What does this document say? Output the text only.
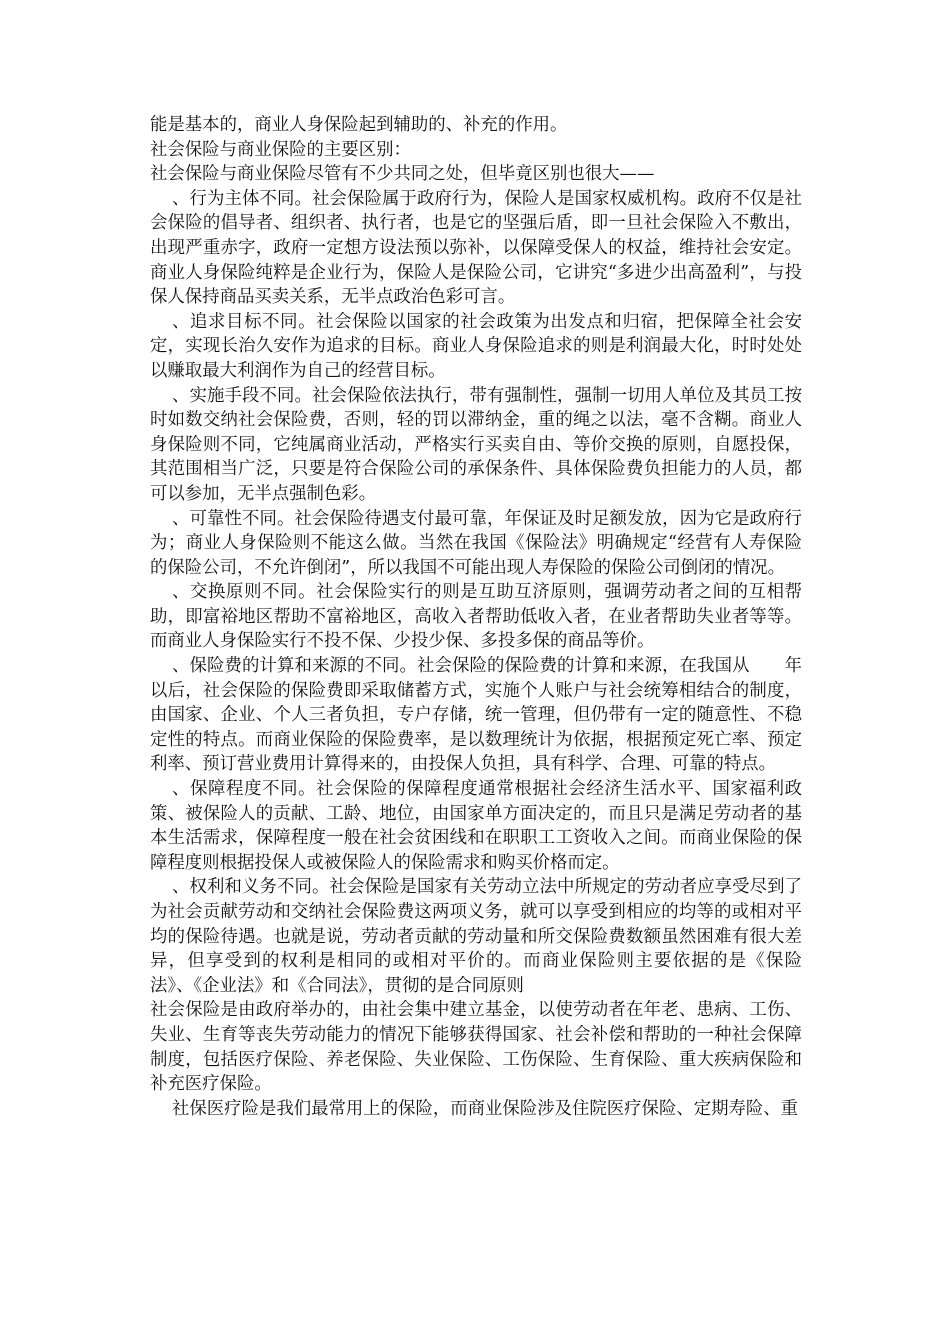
能是基本的，商业人身保险起到辅助的、补充的作用。

社会保险与商业保险的主要区别：

社会保险与商业保险尽管有不少共同之处，但毕竟区别也很大——

、行为主体不同。社会保险属于政府行为，保险人是国家权威机构。政府不仅是社会保险的倡导者、组织者、执行者，也是它的坚强后盾，即一旦社会保险入不敷出，出现严重赤字，政府一定想方设法预以弥补，以保障受保人的权益，维持社会安定。商业人身保险纯粹是企业行为，保险人是保险公司，它讲究“多进少出高盈利”，与投保人保持商品买卖关系，无半点政治色彩可言。

、追求目标不同。社会保险以国家的社会政策为出发点和归宿，把保障全社会安定，实现长治久安作为追求的目标。商业人身保险追求的则是利润最大化，时时处处以赚取最大利润作为自己的经营目标。

、实施手段不同。社会保险依法执行，带有强制性，强制一切用人单位及其员工按时如数交纳社会保险费，否则，轻的罚以滞纳金，重的绳之以法，毫不含糊。商业人身保险则不同，它纯属商业活动，严格实行买卖自由、等价交换的原则，自愿投保，其范围相当广泛，只要是符合保险公司的承保条件、具体保险费负担能力的人员，都可以参加，无半点强制色彩。

、可靠性不同。社会保险待遇支付最可靠，年保证及时足额发放，因为它是政府行为；商业人身保险则不能这么做。当然在我国《保险法》明确规定“经营有人寿保险的保险公司，不允许倒闭”，所以我国不可能出现人寿保险的保险公司倒闭的情况。

、交换原则不同。社会保险实行的则是互助互济原则，强调劳动者之间的互相帮助，即富裕地区帮助不富裕地区，高收入者帮助低收入者，在业者帮助失业者等等。而商业人身保险实行不投不保、少投少保、多投多保的商品等价。

、保险费的计算和来源的不同。社会保险的保险费的计算和来源，在我国从　　年以后，社会保险的保险费即采取储蓄方式，实施个人账户与社会统筹相结合的制度，由国家、企业、个人三者负担，专户存储，统一管理，但仍带有一定的随意性、不稳定性的特点。而商业保险的保险费率，是以数理统计为依据，根据预定死亡率、预定利率、预订营业费用计算得来的，由投保人负担，具有科学、合理、可靠的特点。

、保障程度不同。社会保险的保障程度通常根据社会经济生活水平、国家福利政策、被保险人的贡献、工龄、地位，由国家单方面决定的，而且只是满足劳动者的基本生活需求，保障程度一般在社会贫困线和在职职工工资收入之间。而商业保险的保障程度则根据投保人或被保险人的保险需求和购买价格而定。

、权利和义务不同。社会保险是国家有关劳动立法中所规定的劳动者应享受尽到了为社会贡献劳动和交纳社会保险费这两项义务，就可以享受到相应的均等的或相对平均的保险待遇。也就是说，劳动者贡献的劳动量和所交保险费数额虽然困难有很大差异，但享受到的权利是相同的或相对平价的。而商业保险则主要依据的是《保险法》、《企业法》和《合同法》，贯彻的是合同原则

社会保险是由政府举办的，由社会集中建立基金，以使劳动者在年老、患病、工伤、失业、生育等丧失劳动能力的情况下能够获得国家、社会补偿和帮助的一种社会保障制度，包括医疗保险、养老保险、失业保险、工伤保险、生育保险、重大疾病保险和补充医疗保险。

社保医疗险是我们最常用上的保险，而商业保险涉及住院医疗保险、定期寿险、重
